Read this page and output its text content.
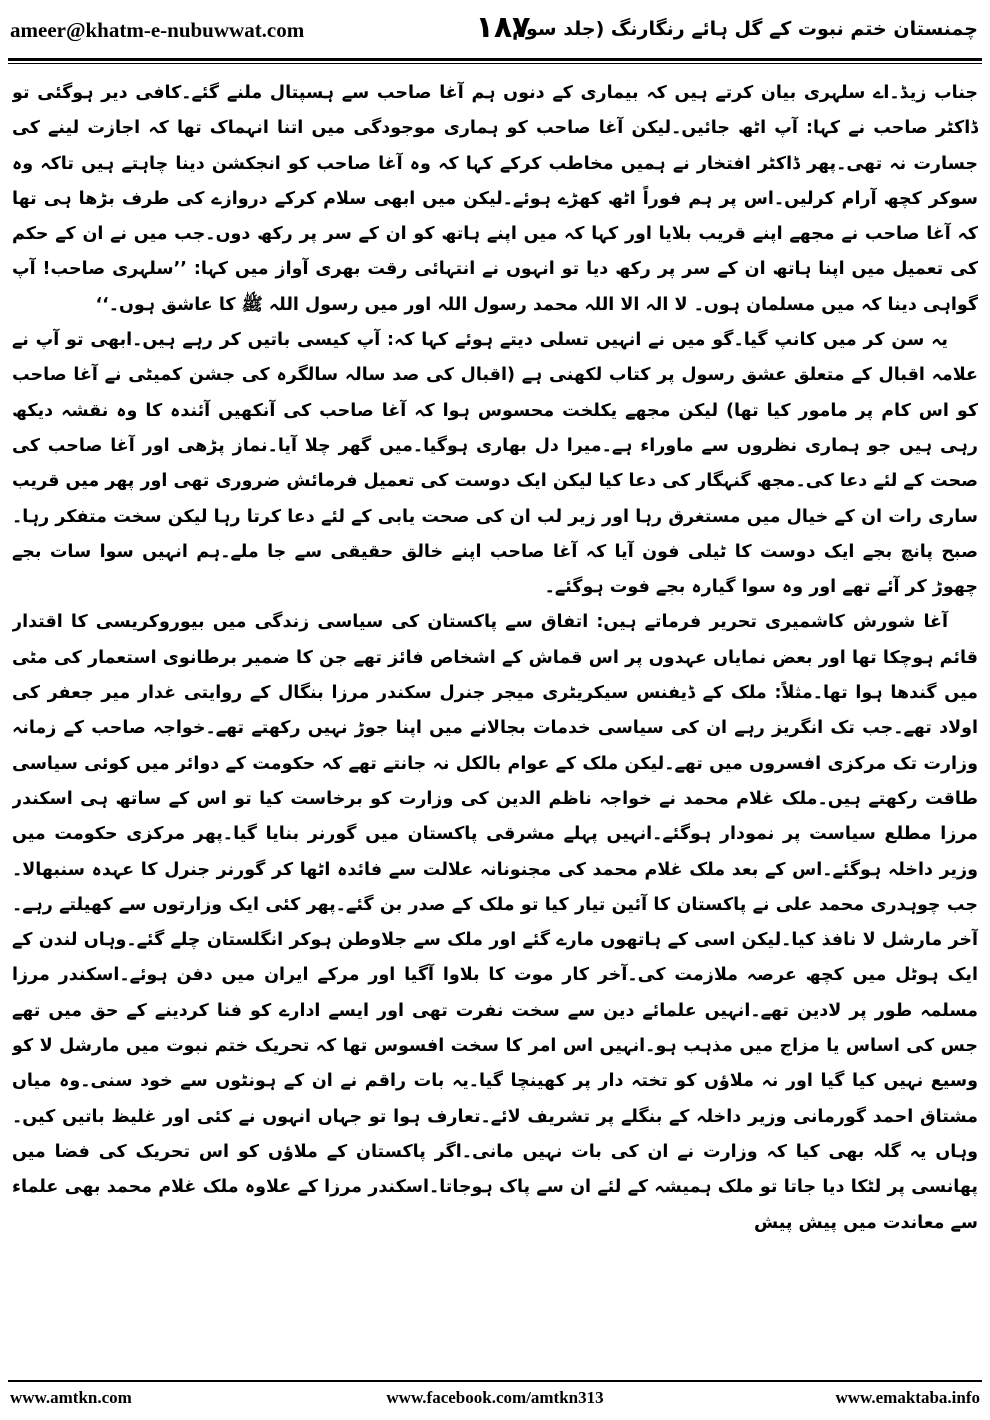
ameer@khatm-e-nubuwwat.com	۱۸۷
چمنستان ختم نبوت کے گل ہائے رنگارنگ (جلد سوم

جناب زیڈ۔اے سلہری بیان کرتے ہیں کہ بیماری کے دنوں ہم آغا صاحب سے ہسپتال ملنے گئے۔کافی دیر ہوگئی تو ڈاکٹر صاحب نے کہا: آپ اٹھ جائیں۔لیکن آغا صاحب کو ہماری موجودگی میں اتنا انہماک تھا کہ اجازت لینے کی جسارت نہ تھی۔پھر ڈاکٹر افتخار نے ہمیں مخاطب کرکے کہا کہ وہ آغا صاحب کو انجکشن دینا چاہتے ہیں تاکہ وہ سوکر کچھ آرام کرلیں۔اس پر ہم فوراً اٹھ کھڑے ہوئے۔لیکن میں ابھی سلام کرکے دروازے کی طرف بڑھا ہی تھا کہ آغا صاحب نے مجھے اپنے قریب بلایا اور کہا کہ میں اپنے ہاتھ کو ان کے سر پر رکھ دوں۔جب میں نے ان کے حکم کی تعمیل میں اپنا ہاتھ ان کے سر پر رکھ دیا تو انہوں نے انتہائی رقت بھری آواز میں کہا: ’’سلہری صاحب! آپ گواہی دینا کہ میں مسلمان ہوں۔ لا الہ الا اللہ محمد رسول اللہ اور میں رسول اللہ ﷺ کا عاشق ہوں۔‘‘

یہ سن کر میں کانپ گیا۔گو میں نے انہیں تسلی دیتے ہوئے کہا کہ: آپ کیسی باتیں کر رہے ہیں۔ابھی تو آپ نے علامہ اقبال کے متعلق عشق رسول پر کتاب لکھنی ہے (اقبال کی صد سالہ سالگرہ کی جشن کمیٹی نے آغا صاحب کو اس کام پر مامور کیا تھا) لیکن مجھے یکلخت محسوس ہوا کہ آغا صاحب کی آنکھیں آئندہ کا وہ نقشہ دیکھ رہی ہیں جو ہماری نظروں سے ماوراء ہے۔میرا دل بھاری ہوگیا۔میں گھر چلا آیا۔نماز پڑھی اور آغا صاحب کی صحت کے لئے دعا کی۔مجھ گنہگار کی دعا کیا لیکن ایک دوست کی تعمیل فرمائش ضروری تھی اور پھر میں قریب ساری رات ان کے خیال میں مستغرق رہا اور زیر لب ان کی صحت یابی کے لئے دعا کرتا رہا لیکن سخت متفکر رہا۔صبح پانچ بجے ایک دوست کا ٹیلی فون آیا کہ آغا صاحب اپنے خالق حقیقی سے جا ملے۔ہم انہیں سوا سات بجے چھوڑ کر آئے تھے اور وہ سوا گیارہ بجے فوت ہوگئے۔

آغا شورش کاشمیری تحریر فرماتے ہیں: اتفاق سے پاکستان کی سیاسی زندگی میں بیوروکریسی کا اقتدار قائم ہوچکا تھا اور بعض نمایاں عہدوں پر اس قماش کے اشخاص فائز تھے جن کا ضمیر برطانوی استعمار کی مٹی میں گندھا ہوا تھا۔مثلاً: ملک کے ڈیفنس سیکریٹری میجر جنرل سکندر مرزا بنگال کے روایتی غدار میر جعفر کی اولاد تھے۔جب تک انگریز رہے ان کی سیاسی خدمات بجالانے میں اپنا جوڑ نہیں رکھتے تھے۔خواجہ صاحب کے زمانہ وزارت تک مرکزی افسروں میں تھے۔لیکن ملک کے عوام بالکل نہ جانتے تھے کہ حکومت کے دوائر میں کوئی سیاسی طاقت رکھتے ہیں۔ملک غلام محمد نے خواجہ ناظم الدین کی وزارت کو برخاست کیا تو اس کے ساتھ ہی اسکندر مرزا مطلع سیاست پر نمودار ہوگئے۔انہیں پہلے مشرقی پاکستان میں گورنر بنایا گیا۔پھر مرکزی حکومت میں وزیر داخلہ ہوگئے۔اس کے بعد ملک غلام محمد کی مجنونانہ علالت سے فائدہ اٹھا کر گورنر جنرل کا عہدہ سنبھالا۔جب چوہدری محمد علی نے پاکستان کا آئین تیار کیا تو ملک کے صدر بن گئے۔پھر کئی ایک وزارتوں سے کھیلتے رہے۔آخر مارشل لا نافذ کیا۔لیکن اسی کے ہاتھوں مارے گئے اور ملک سے جلاوطن ہوکر انگلستان چلے گئے۔وہاں لندن کے ایک ہوٹل میں کچھ عرصہ ملازمت کی۔آخر کار موت کا بلاوا آگیا اور مرکے ایران میں دفن ہوئے۔اسکندر مرزا مسلمہ طور پر لادین تھے۔انہیں علمائے دین سے سخت نفرت تھی اور ایسے ادارے کو فنا کردینے کے حق میں تھے جس کی اساس یا مزاج میں مذہب ہو۔انہیں اس امر کا سخت افسوس تھا کہ تحریک ختم نبوت میں مارشل لا کو وسیع نہیں کیا گیا اور نہ ملاؤں کو تختہ دار پر کھینچا گیا۔یہ بات راقم نے ان کے ہونٹوں سے خود سنی۔وہ میاں مشتاق احمد گورمانی وزیر داخلہ کے بنگلے پر تشریف لائے۔تعارف ہوا تو جہاں انہوں نے کئی اور غلیظ باتیں کیں۔وہاں یہ گلہ بھی کیا کہ وزارت نے ان کی بات نہیں مانی۔اگر پاکستان کے ملاؤں کو اس تحریک کی فضا میں پھانسی پر لٹکا دیا جاتا تو ملک ہمیشہ کے لئے ان سے پاک ہوجاتا۔اسکندر مرزا کے علاوہ ملک غلام محمد بھی علماء سے معاندت میں پیش پیش

www.amtkn.com	www.facebook.com/amtkn313	www.emaktaba.info
